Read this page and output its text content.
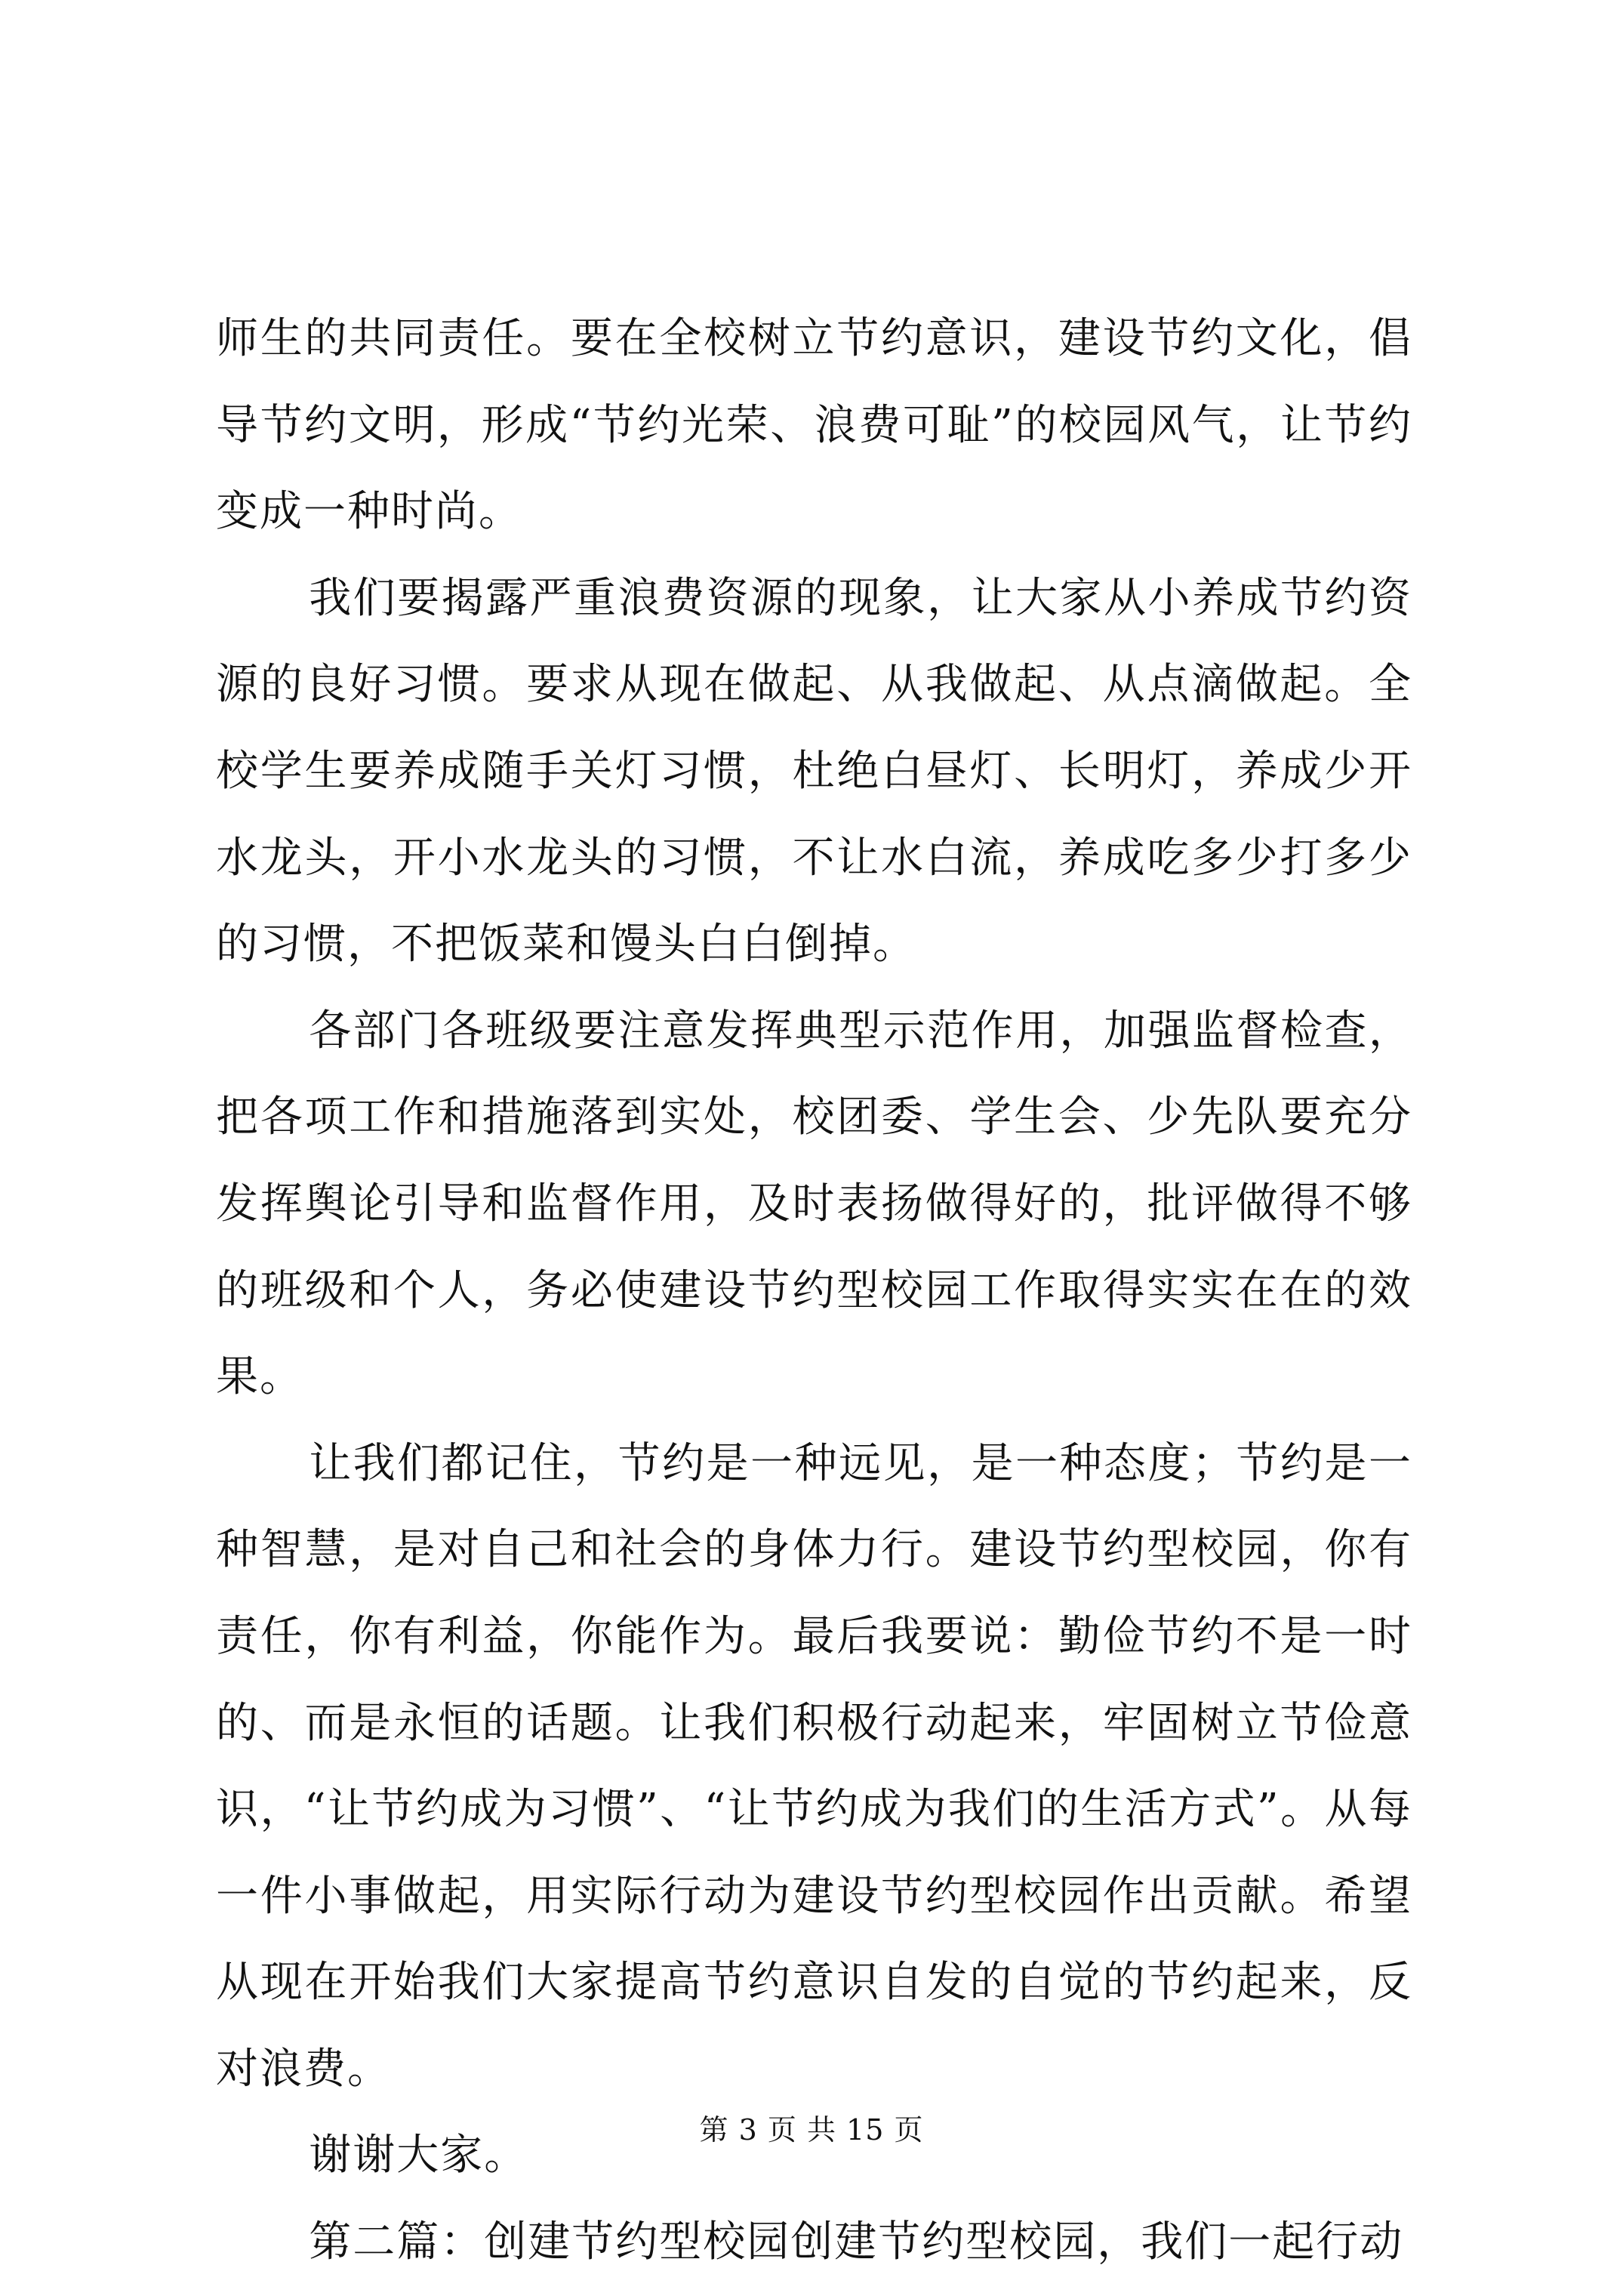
师生的共同责任。要在全校树立节约意识，建设节约文化，倡导节约文明，形成“节约光荣、浪费可耻”的校园风气，让节约变成一种时尚。

我们要揭露严重浪费资源的现象，让大家从小养成节约资源的良好习惯。要求从现在做起、从我做起、从点滴做起。全校学生要养成随手关灯习惯，杜绝白昼灯、长明灯，养成少开水龙头，开小水龙头的习惯，不让水白流，养成吃多少打多少的习惯，不把饭菜和馒头白白倒掉。

各部门各班级要注意发挥典型示范作用，加强监督检查，把各项工作和措施落到实处，校团委、学生会、少先队要充分发挥舆论引导和监督作用，及时表扬做得好的，批评做得不够的班级和个人，务必使建设节约型校园工作取得实实在在的效果。

让我们都记住，节约是一种远见，是一种态度；节约是一种智慧，是对自己和社会的身体力行。建设节约型校园，你有责任，你有利益，你能作为。最后我要说：勤俭节约不是一时的、而是永恒的话题。让我们积极行动起来，牢固树立节俭意识，“让节约成为习惯”、“让节约成为我们的生活方式”。从每一件小事做起，用实际行动为建设节约型校园作出贡献。希望从现在开始我们大家提高节约意识自发的自觉的节约起来，反对浪费。

谢谢大家。

第二篇：创建节约型校园创建节约型校园，我们一起行动

第 3 页 共 15 页
